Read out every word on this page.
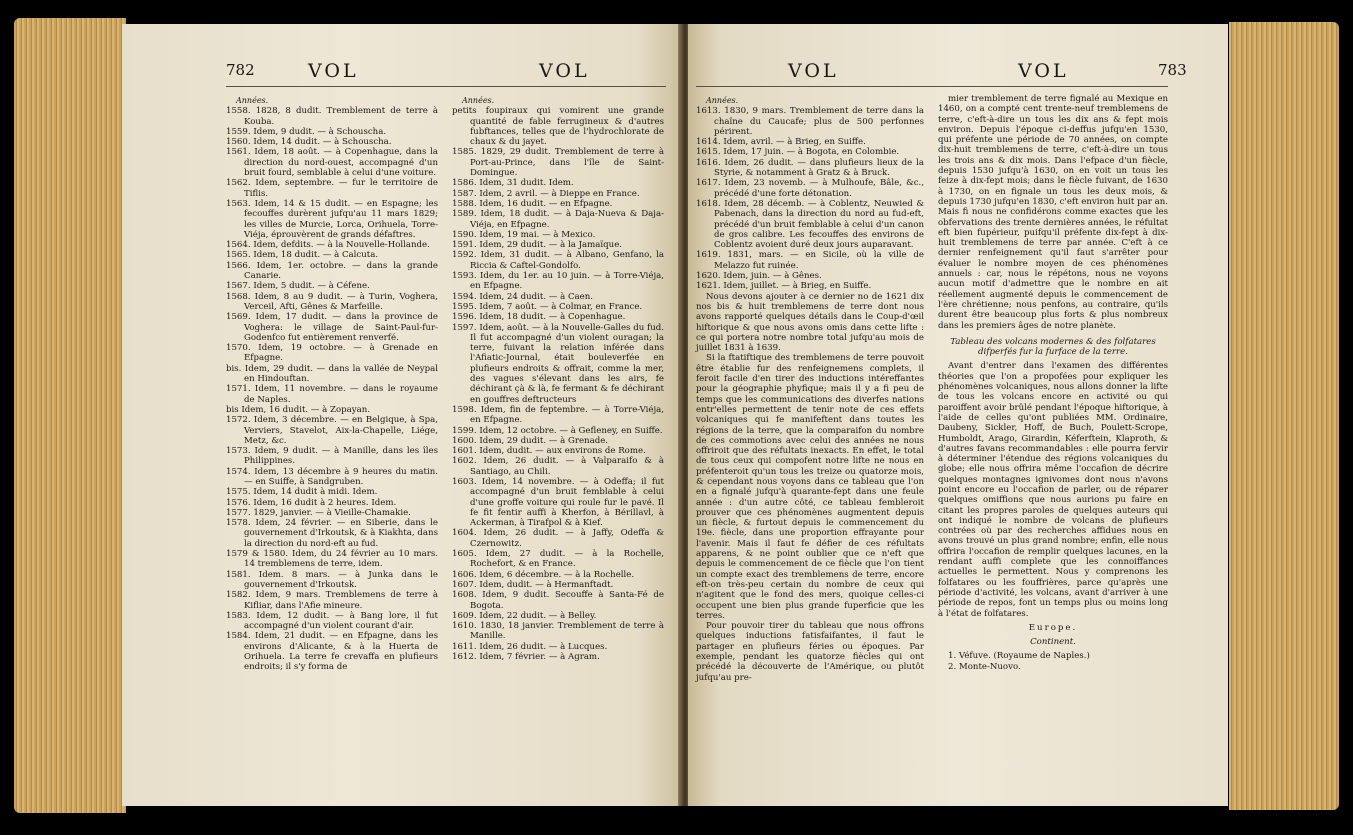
782	VOL	VOL
Années.

1558. 1828, 8 dudit. Tremblement de terre à Kouba.

1559. Idem, 9 dudit. — à Schouscha.

1560. Idem, 14 dudit. — à Schouscha.

1561. Idem, 18 août. — à Copenhague, dans la direction du nord-ouest, accompagné d'un bruit fourd, semblable à celui d'une voiture.

1562. Idem, septembre. — fur le territoire de Tiflis.

1563. Idem, 14 & 15 dudit. — en Espagne; les fecouffes durèrent jufqu'au 11 mars 1829; les villes de Murcie, Lorca, Orihuela, Torre-Viéja, éprouvèrent de grands défaftres.

1564. Idem, defdits. — à la Nouvelle-Hollande.

1565. Idem, 18 dudit. — à Calcuta.

1566. Idem, 1er. octobre. — dans la grande Canarie.

1567. Idem, 5 dudit. — à Céfene.

1568. Idem, 8 au 9 dudit. — à Turin, Voghera, Verceil, Afti, Gênes & Marfeille.

1569. Idem, 17 dudit. — dans la province de Voghera: le village de Saint-Paul-fur-Godenfco fut entièrement renverfé.

1570. Idem, 19 octobre. — à Grenade en Efpagne.

bis. Idem, 29 dudit. — dans la vallée de Neypal en Hindouftan.

1571. Idem, 11 novembre. — dans le royaume de Naples.

bis Idem, 16 dudit. — à Zopayan.

1572. Idem, 3 décembre. — en Belgique, à Spa, Verviers, Stavelot, Aix-la-Chapelle, Liége, Metz, &c.

1573. Idem, 9 dudit. — à Manille, dans les îles Philippines.

1574. Idem, 13 décembre à 9 heures du matin. — en Suiffe, à Sandgruben.

1575. Idem, 14 dudit à midi. Idem.

1576. Idem, 16 dudit à 2 heures. Idem.

1577. 1829, janvier. — à Vieille-Chamakie.

1578. Idem, 24 février. — en Siberie, dans le gouvernement d'Irkoutsk, & à Kiakhta, dans la direction du nord-eft au fud.

1579 & 1580. Idem, du 24 février au 10 mars. 14 tremblemens de terre, idem.

1581. Idem. 8 mars. — à Junka dans le gouvernement d'Irkoutsk.

1582. Idem, 9 mars. Tremblemens de terre à Kifliar, dans l'Afie mineure.

1583. Idem, 12 dudit. — à Bang lore, il fut accompagné d'un violent courant d'air.

1584. Idem, 21 dudit. — en Efpagne, dans les environs d'Alicante, & à la Huerta de Orihuela. La terre fe crevaffa en plufieurs endroits; il s'y forma de

Années.

petits foupiraux qui vomirent une grande quantité de fable ferrugineux & d'autres fubftances, telles que de l'hydrochlorate de chaux & du jayet.

1585. 1829, 29 dudit. Tremblement de terre à Port-au-Prince, dans l'île de Saint-Domingue.

1586. Idem, 31 dudit. Idem.

1587. Idem, 2 avril. — à Dieppe en France.

1588. Idem, 16 dudit. — en Efpagne.

1589. Idem, 18 dudit. — à Daja-Nueva & Daja-Viéja, en Efpagne.

1590. Idem, 19 mai. — à Mexico.

1591. Idem, 29 dudit. — à la Jamaïque.

1592. Idem, 31 dudit. — à Albano, Genfano, la Riccia & Caftel-Gondolfo.

1593. Idem, du 1er. au 10 juin. — à Torre-Viéja, en Efpagne.

1594. Idem, 24 dudit. — à Caen.

1595. Idem, 7 août. — à Colmar, en France.

1596. Idem, 18 dudit. — à Copenhague.

1597. Idem, août. — à la Nouvelle-Galles du fud. Il fut accompagné d'un violent ouragan; la terre, fuivant la relation inférée dans l'Afiatic-Journal, était bouleverfée en plufieurs endroits & offrait, comme la mer, des vagues s'élevant dans les airs, fe déchirant çà & là, fe fermant & fe déchirant en gouffres deftructeurs

1598. Idem, fin de feptembre. — à Torre-Viéja, en Efpagne.

1599. Idem, 12 octobre. — à Gefleney, en Suiffe.

1600. Idem, 29 dudit. — à Grenade.

1601. Idem, dudit. — aux environs de Rome.

1602. Idem, 26 dudit. — à Valparaifo & à Santiago, au Chili.

1603. Idem, 14 novembre. — à Odeffa; il fut accompagné d'un bruit femblable à celui d'une groffe voiture qui roule fur le pavé. Il fe fit fentir auffi à Kherfon, à Bérillavl, à Ackerman, à Tirafpol & à Kief.

1604. Idem, 26 dudit. — à Jaffy, Odeffa & Czernowitz.

1605. Idem, 27 dudit. — à la Rochelle, Rochefort, & en France.

1606. Idem, 6 décembre. — à la Rochelle.

1607. Idem, dudit. — à Hermanftadt.

1608. Idem, 9 dudit. Secouffe à Santa-Fé de Bogota.

1609. Idem, 22 dudit. — à Belley.

1610. 1830, 18 janvier. Tremblement de terre à Manille.

1611. Idem, 26 dudit. — à Lucques.

1612. Idem, 7 février. — à Agram.

VOL	VOL	783
Années.

1613. 1830, 9 mars. Tremblement de terre dans la chaîne du Caucafe; plus de 500 perfonnes périrent.

1614. Idem, avril. — à Brieg, en Suiffe.

1615. Idem, 17 juin. — à Bogota, en Colombie.

1616. Idem, 26 dudit. — dans plufieurs lieux de la Styrie, & notamment à Gratz & à Bruck.

1617. Idem, 23 novemb. — à Mulhoufe, Bâle, &c., précédé d'une forte détonation.

1618. Idem, 28 décemb. — à Coblentz, Neuwied & Pabenach, dans la direction du nord au fud-eft, précédé d'un bruit femblable à celui d'un canon de gros calibre. Les fecouffes des environs de Coblentz avoient duré deux jours auparavant.

1619. 1831, mars. — en Sicile, où la ville de Melazzo fut ruinée.

1620. Idem, juin. — à Gênes.

1621. Idem, juillet. — à Brieg, en Suiffe.

Nous devons ajouter à ce dernier no de 1621 dix nos bis & huit tremblemens de terre dont nous avons rapporté quelques détails dans le Coup-d'œil hiftorique & que nous avons omis dans cette lifte : ce qui portera notre nombre total jufqu'au mois de juillet 1831 à 1639.

Si la ftatiftique des tremblemens de terre pouvoit être établie fur des renfeignemens complets, il feroit facile d'en tirer des inductions intéreffantes pour la géographie phyfique; mais il y a fi peu de temps que les communications des diverfes nations entr'elles permettent de tenir note de ces effets volcaniques qui fe manifeftent dans toutes les régions de la terre, que la comparaifon du nombre de ces commotions avec celui des années ne nous offriroit que des réfultats inexacts. En effet, le total de tous ceux qui compofent notre lifte ne nous en préfenteroit qu'un tous les treize ou quatorze mois, & cependant nous voyons dans ce tableau que l'on en a fignalé jufqu'à quarante-fept dans une feule année : d'un autre côté, ce tableau fembleroit prouver que ces phénomènes augmentent depuis un fiècle, & furtout depuis le commencement du 19e. fiècle, dans une proportion effrayante pour l'avenir. Mais il faut fe défier de ces réfultats apparens, & ne point oublier que ce n'eft que depuis le commencement de ce fiècle que l'on tient un compte exact des tremblemens de terre, encore eft-on très-peu certain du nombre de ceux qui n'agitent que le fond des mers, quoique celles-ci occupent une bien plus grande fuperficie que les terres.

Pour pouvoir tirer du tableau que nous offrons quelques inductions fatisfaifantes, il faut le partager en plufieurs féries ou époques. Par exemple, pendant les quatorze fiècles qui ont précédé la découverte de l'Amérique, ou plutôt jufqu'au pre-

mier tremblement de terre fignalé au Mexique en 1460, on a compté cent trente-neuf tremblemens de terre, c'eft-à-dire un tous les dix ans & fept mois environ. Depuis l'époque ci-deffus jufqu'en 1530, qui préfente une période de 70 années, on compte dix-huit tremblemens de terre, c'eft-à-dire un tous les trois ans & dix mois. Dans l'efpace d'un fiècle, depuis 1530 jufqu'à 1630, on en voit un tous les feize à dix-fept mois; dans le fiècle fuivant, de 1630 à 1730, on en fignale un tous les deux mois, & depuis 1730 jufqu'en 1830, c'eft environ huit par an. Mais fi nous ne confidérons comme exactes que les obfervations des trente dernières années, le réfultat eft bien fupérieur, puifqu'il préfente dix-fept à dix-huit tremblemens de terre par année. C'eft à ce dernier renfeignement qu'il faut s'arrêter pour évaluer le nombre moyen de ces phénomènes annuels : car, nous le répétons, nous ne voyons aucun motif d'admettre que le nombre en ait réellement augmenté depuis le commencement de l'ère chrétienne; nous penfons, au contraire, qu'ils durent être beaucoup plus forts & plus nombreux dans les premiers âges de notre planète.

Tableau des volcans modernes & des folfatares difperfés fur la furface de la terre.

Avant d'entrer dans l'examen des différentes théories que l'on a propofées pour expliquer les phénomènes volcaniques, nous allons donner la lifte de tous les volcans encore en activité ou qui paroiffent avoir brûlé pendant l'époque hiftorique, à l'aide de celles qu'ont publiées MM. Ordinaire, Daubeny, Sickler, Hoff, de Buch, Poulett-Scrope, Humboldt, Arago, Girardin, Kéferftein, Klaproth, & d'autres favans recommandables : elle pourra fervir à déterminer l'étendue des régions volcaniques du globe; elle nous offrira même l'occafion de décrire quelques montagnes ignivomes dont nous n'avons point encore eu l'occafion de parler, ou de réparer quelques omiffions que nous aurions pu faire en citant les propres paroles de quelques auteurs qui ont indiqué le nombre de volcans de plufieurs contrées où par des recherches affidues nous en avons trouvé un plus grand nombre; enfin, elle nous offrira l'occafion de remplir quelques lacunes, en la rendant auffi complete que les connoiffances actuelles le permettent. Nous y comprenons les folfatares ou les fouffrières, parce qu'après une période d'activité, les volcans, avant d'arriver à une période de repos, font un temps plus ou moins long à l'état de folfatares.

Europe.
Continent.

1. Véfuve. (Royaume de Naples.)

2. Monte-Nuovo.
